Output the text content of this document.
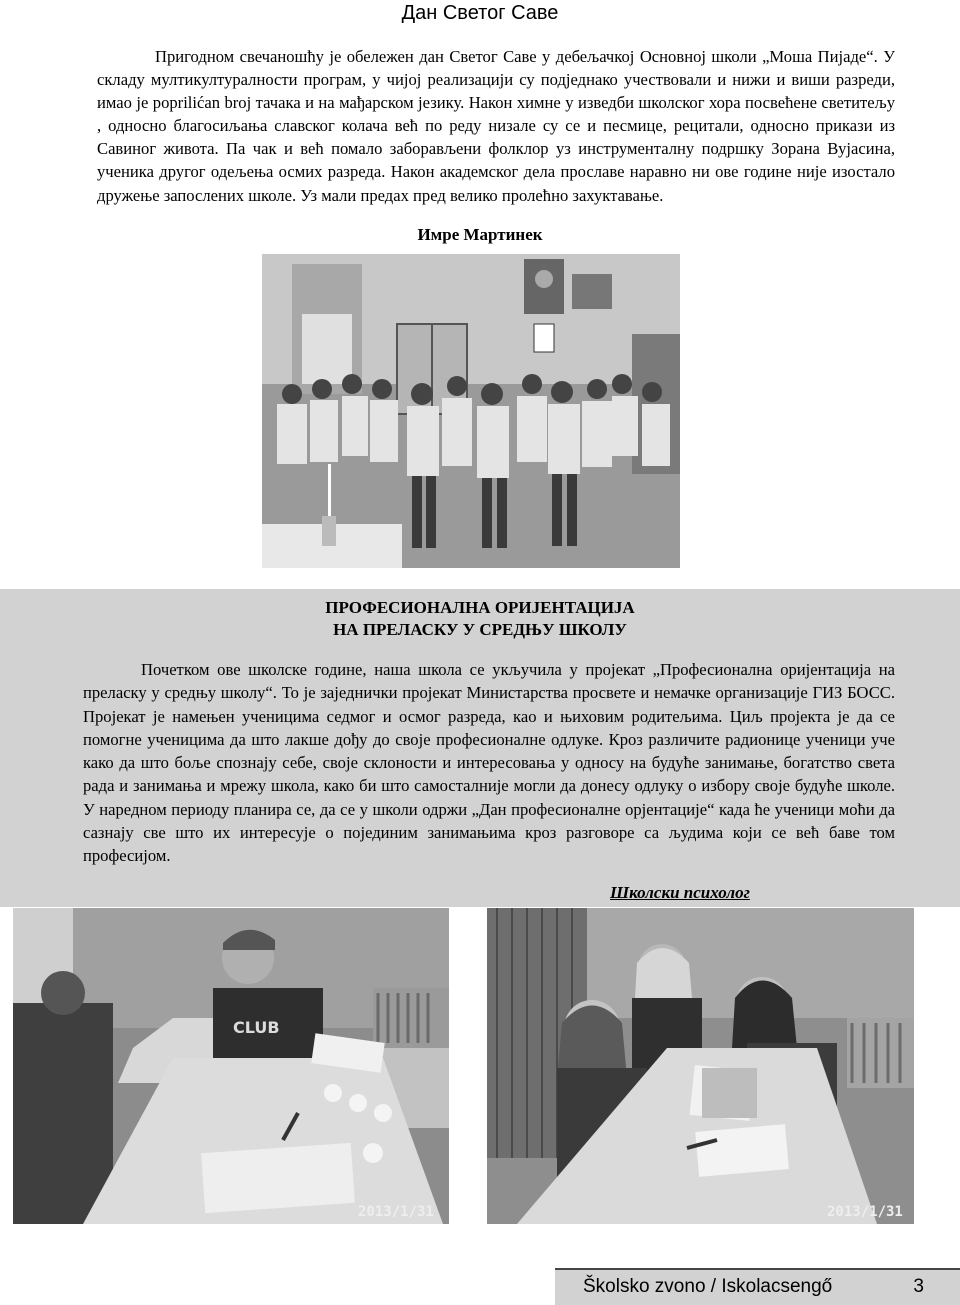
Дан Светог Саве

Пригодном свечаношћу је обележен дан Светог Саве у дебељачкој Основној школи „Моша Пијаде“. У складу мултикултуралности програм, у чијој реализацији су подједнако учествовали и нижи и виши разреди, имао је poprilićan broj тачака и на мађарском језику. Након химне у изведби школског хора посвећене светитељу , односно благосиљања славског колача већ по реду низале су се и песмице, рецитали, односно прикази из Савиног живота. Па чак и већ помало заборављени фолклор уз инструменталну подршку Зорана Вујасина, ученика другог одељења осмих разреда. Након академског дела прославе наравно ни ове године није изостало дружење запослених школе. Уз мали предах пред велико пролећно захуктавање.

Имре Мартинек
ПРОФЕСИОНАЛНА ОРИЈЕНТАЦИЈА
НА ПРЕЛАСКУ У СРЕДЊУ ШКОЛУ

Почетком ове школске године, наша школа се укључила у пројекат „Професионална оријентација на преласку у средњу школу“. То је заједнички пројекат Министарства просвете и немачке организације ГИЗ БОСС. Пројекат је намењен ученицима седмог и осмог разреда, као и њиховим родитељима. Циљ пројекта је да се помогне ученицима да што лакше дођу до своје професионалне одлуке. Кроз различите радионице ученици уче како да што боље спознају себе, своје склоности и интересовања у односу на будуће занимање, богатство света рада и занимања и мрежу школа, како би што самосталније могли да донесу одлуку о избору своје будуће школе. У наредном периоду планира се, да се у школи одржи „Дан професионалне орјентације“ када ће ученици моћи да сазнају све што их интересује о појединим занимањима кроз разговоре са људима који се већ баве том професијом.

Школски психолог
CLUB
2013/1/31	2013/1/31
Školsko zvono / Iskolacsengő	3
